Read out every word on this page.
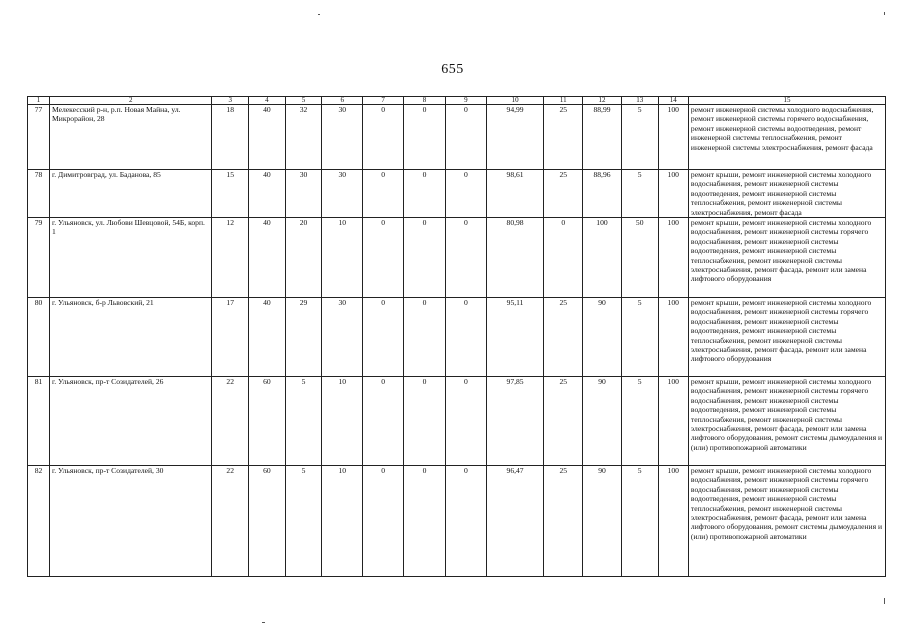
655
1	2	3	4	5	6	7	8	9	10	11	12	13	14	15
77	Мелекесский р-н, р.п. Новая Майна, ул. Микрорайон, 28	18	40	32	30	0	0	0	94,99	25	88,99	5	100	ремонт инженерной системы холодного водоснабжения, ремонт инженерной системы горячего водоснабжения, ремонт инженерной системы водоотведения, ремонт инженерной системы теплоснабжения, ремонт инженерной системы электроснабжения, ремонт фасада
78	г. Димитровград, ул. Баданова, 85	15	40	30	30	0	0	0	98,61	25	88,96	5	100	ремонт крыши, ремонт инженерной системы холодного водоснабжения, ремонт инженерной системы водоотведения, ремонт инженерной системы теплоснабжения, ремонт инженерной системы электроснабжения, ремонт фасада
79	г. Ульяновск, ул. Любови Шевцовой, 54Б, корп. 1	12	40	20	10	0	0	0	80,98	0	100	50	100	ремонт крыши, ремонт инженерной системы холодного водоснабжения, ремонт инженерной системы горячего водоснабжения, ремонт инженерной системы водоотведения, ремонт инженерной системы теплоснабжения, ремонт инженерной системы электроснабжения, ремонт фасада, ремонт или замена лифтового оборудования
80	г. Ульяновск, б-р Львовский, 21	17	40	29	30	0	0	0	95,11	25	90	5	100	ремонт крыши, ремонт инженерной системы холодного водоснабжения, ремонт инженерной системы горячего водоснабжения, ремонт инженерной системы водоотведения, ремонт инженерной системы теплоснабжения, ремонт инженерной системы электроснабжения, ремонт фасада, ремонт или замена лифтового оборудования
81	г. Ульяновск, пр-т Созидателей, 26	22	60	5	10	0	0	0	97,85	25	90	5	100	ремонт крыши, ремонт инженерной системы холодного водоснабжения, ремонт инженерной системы горячего водоснабжения, ремонт инженерной системы водоотведения, ремонт инженерной системы теплоснабжения, ремонт инженерной системы электроснабжения, ремонт фасада, ремонт или замена лифтового оборудования, ремонт системы дымоудаления и (или) противопожарной автоматики
82	г. Ульяновск, пр-т Созидателей, 30	22	60	5	10	0	0	0	96,47	25	90	5	100	ремонт крыши, ремонт инженерной системы холодного водоснабжения, ремонт инженерной системы горячего водоснабжения, ремонт инженерной системы водоотведения, ремонт инженерной системы теплоснабжения, ремонт инженерной системы электроснабжения, ремонт фасада, ремонт или замена лифтового оборудования, ремонт системы дымоудаления и (или) противопожарной автоматики
